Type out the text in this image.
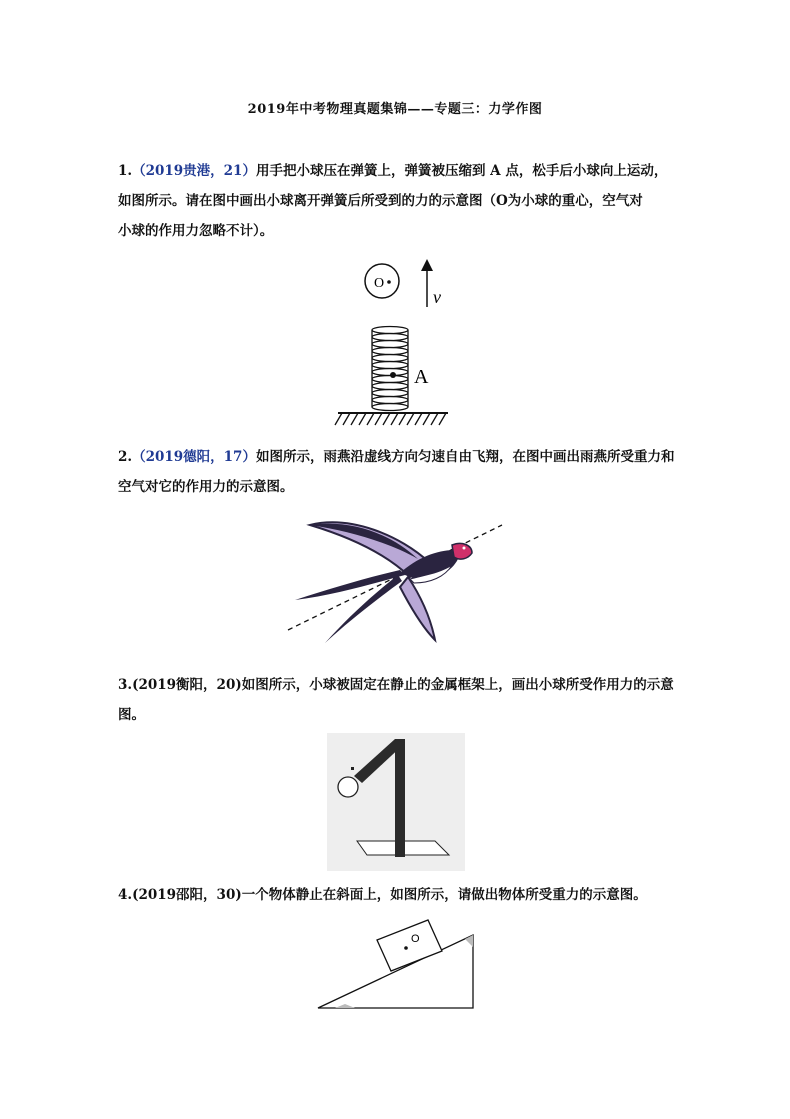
2019年中考物理真题集锦——专题三：力学作图
1.（2019贵港，21）用手把小球压在弹簧上，弹簧被压缩到 A 点，松手后小球向上运动，
如图所示。请在图中画出小球离开弹簧后所受到的力的示意图（O为小球的重心，空气对
小球的作用力忽略不计）。
O
v
A
2.（2019德阳，17）如图所示，雨燕沿虚线方向匀速自由飞翔，在图中画出雨燕所受重力和
空气对它的作用力的示意图。
3.(2019衡阳，20)如图所示，小球被固定在静止的金属框架上，画出小球所受作用力的示意
图。
4.(2019邵阳，30)一个物体静止在斜面上，如图所示，请做出物体所受重力的示意图。
O
